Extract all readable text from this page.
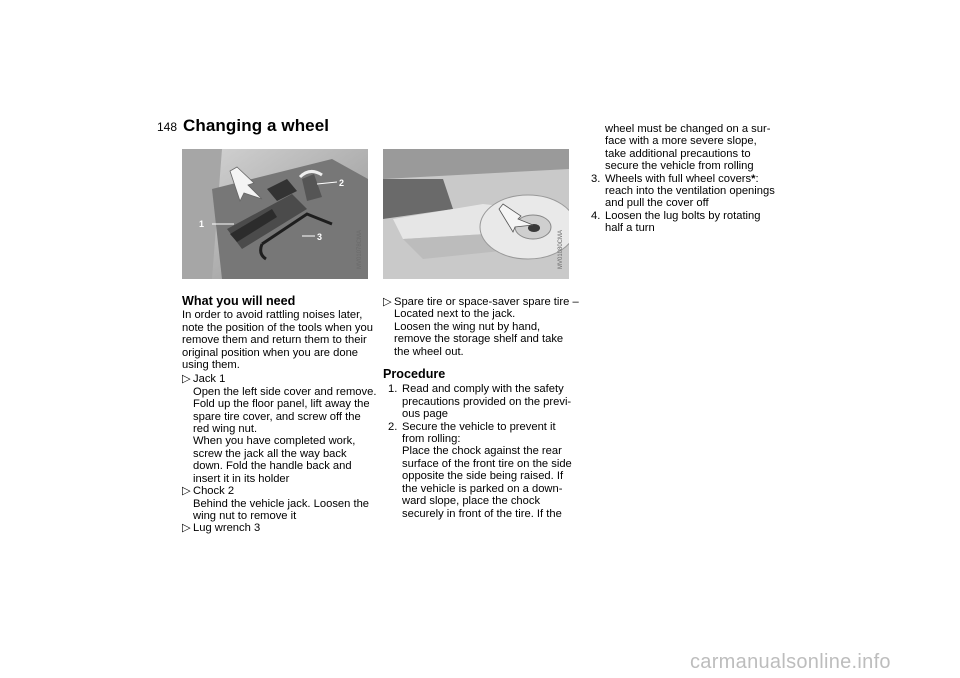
148 Changing a wheel
1
2
3	MV01078CMA	MV01080CMA
What you will need

In order to avoid rattling noises later, note the position of the tools when you remove them and return them to their original position when you are done using them.

▷ Jack 1

Open the left side cover and remove. Fold up the floor panel, lift away the spare tire cover, and screw off the red wing nut.

When you have completed work, screw the jack all the way back down. Fold the handle back and insert it in its holder

▷ Chock 2

Behind the vehicle jack. Loosen the wing nut to remove it

▷ Lug wrench 3

▷ Spare tire or space-saver spare tire – Located next to the jack.

Loosen the wing nut by hand, remove the storage shelf and take the wheel out.

Procedure
1. Read and comply with the safety precautions provided on the previ-ous page

2. Secure the vehicle to prevent it from rolling:

Place the chock against the rear surface of the front tire on the side opposite the side being raised. If the vehicle is parked on a down-ward slope, place the chock securely in front of the tire. If the

wheel must be changed on a sur-face with a more severe slope, take additional precautions to secure the vehicle from rolling

3. Wheels with full wheel covers*:

reach into the ventilation openings and pull the cover off

4. Loosen the lug bolts by rotating half a turn

carmanualsonline.info
